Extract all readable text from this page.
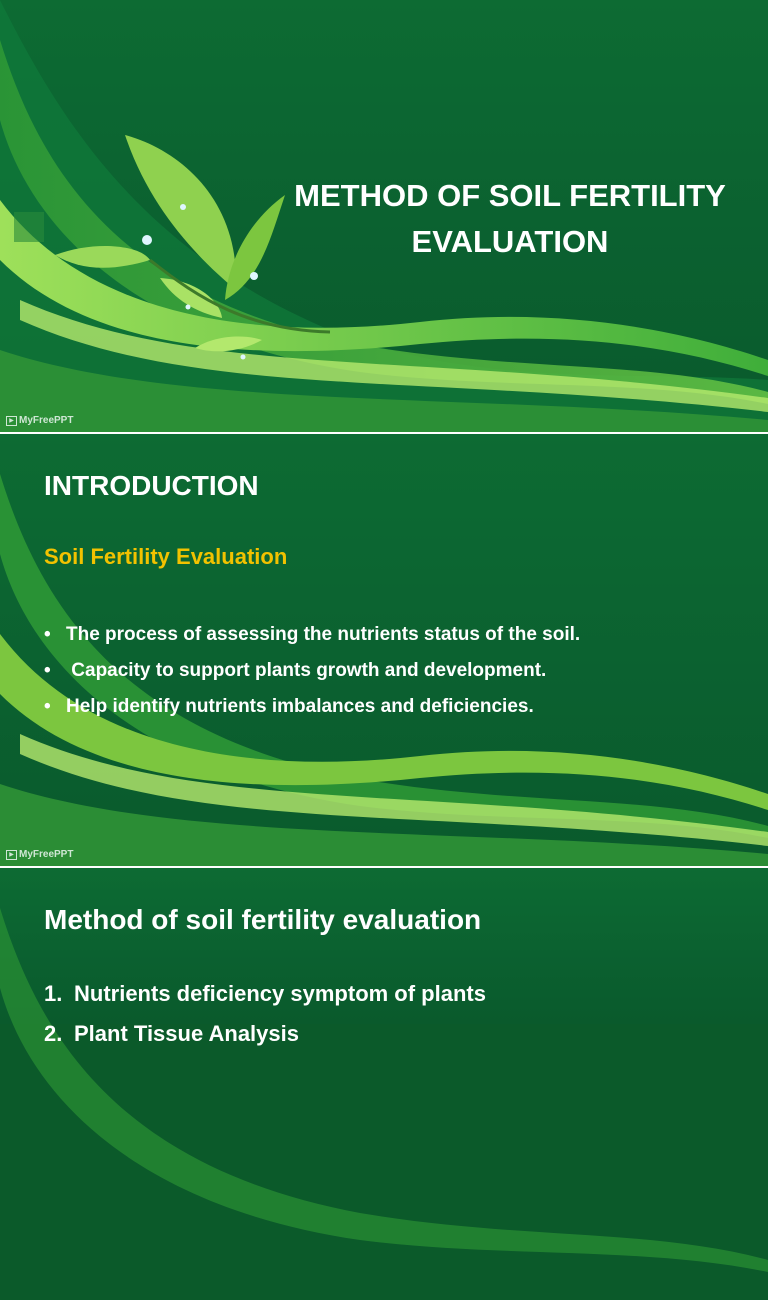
METHOD OF SOIL FERTILITY
EVALUATION
▶ MyFreePPT
INTRODUCTION
Soil Fertility Evaluation
• The process of assessing the nutrients status of the soil.
• Capacity to support plants growth and development.
• Help identify nutrients imbalances and deficiencies.
▶ MyFreePPT
Method of soil fertility evaluation
1. Nutrients deficiency symptom of plants
2. Plant Tissue Analysis
